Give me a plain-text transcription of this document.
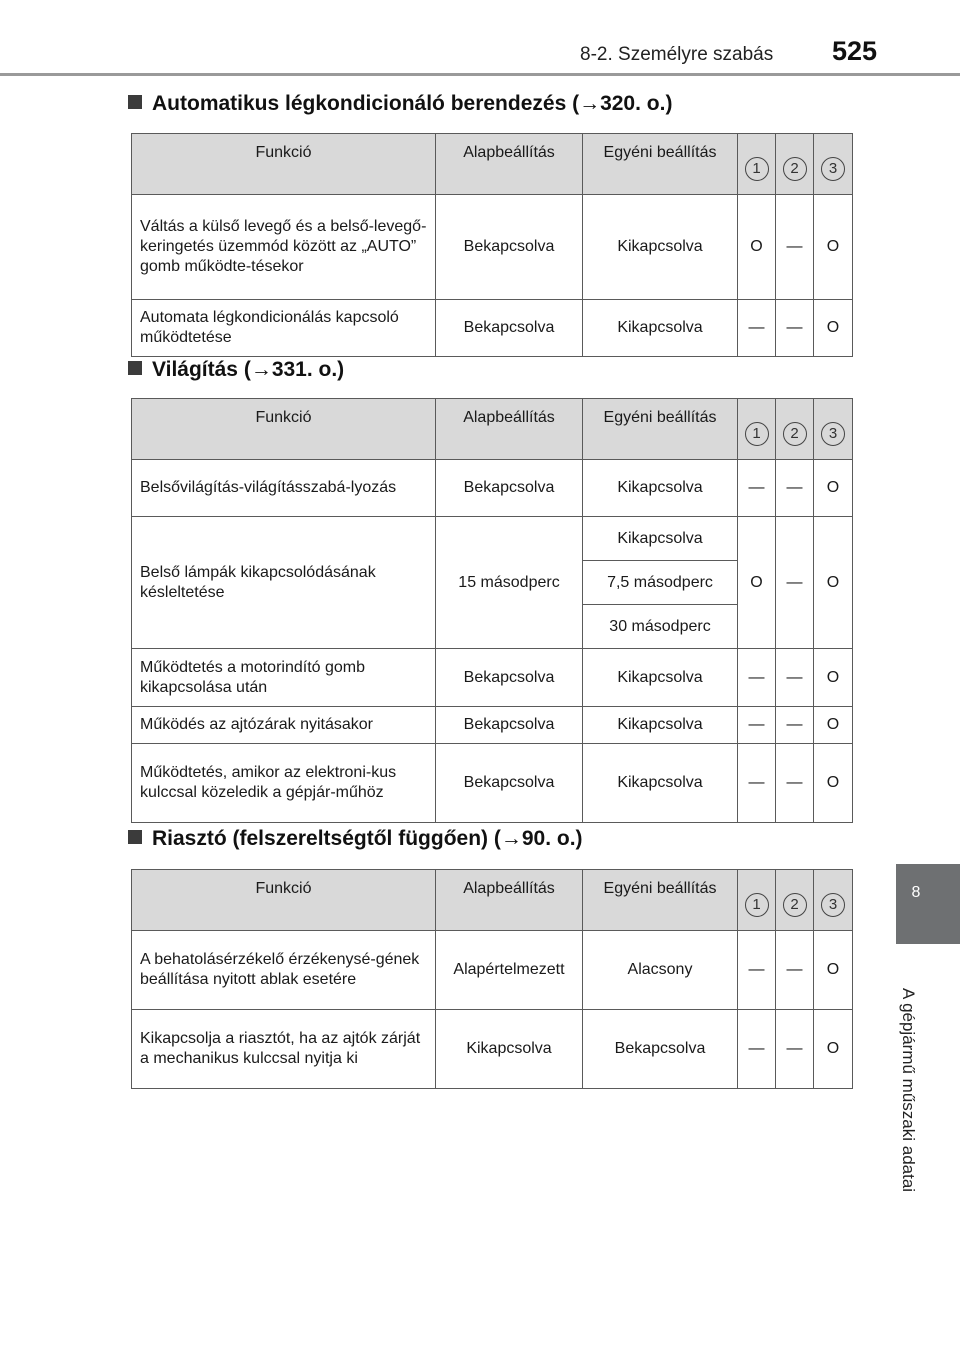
8-2. Személyre szabás 525
8
A gépjármű műszaki adatai
Automatikus légkondicionáló berendezés (→320. o.)
Funkció	Alapbeállítás	Egyéni beállítás	1	2	3
Váltás a külső levegő és a belső-levegő-keringetés üzemmód között az „AUTO” gomb működte-tésekor	Bekapcsolva	Kikapcsolva	O	—	O
Automata légkondicionálás kapcsoló működtetése	Bekapcsolva	Kikapcsolva	—	—	O
Világítás (→331. o.)
Funkció	Alapbeállítás	Egyéni beállítás	1	2	3
Belsővilágítás-világításszabá-lyozás	Bekapcsolva	Kikapcsolva	—	—	O
Belső lámpák kikapcsolódásának késleltetése	15 másodperc	Kikapcsolva	O	—	O
		7,5 másodperc			
		30 másodperc			
Működtetés a motorindító gomb kikapcsolása után	Bekapcsolva	Kikapcsolva	—	—	O
Működés az ajtózárak nyitásakor	Bekapcsolva	Kikapcsolva	—	—	O
Működtetés, amikor az elektroni-kus kulccsal közeledik a gépjár-műhöz	Bekapcsolva	Kikapcsolva	—	—	O
Riasztó (felszereltségtől függően) (→90. o.)
Funkció	Alapbeállítás	Egyéni beállítás	1	2	3
A behatolásérzékelő érzékenysé-gének beállítása nyitott ablak esetére	Alapértelmezett	Alacsony	—	—	O
Kikapcsolja a riasztót, ha az ajtók zárját a mechanikus kulccsal nyitja ki	Kikapcsolva	Bekapcsolva	—	—	O
